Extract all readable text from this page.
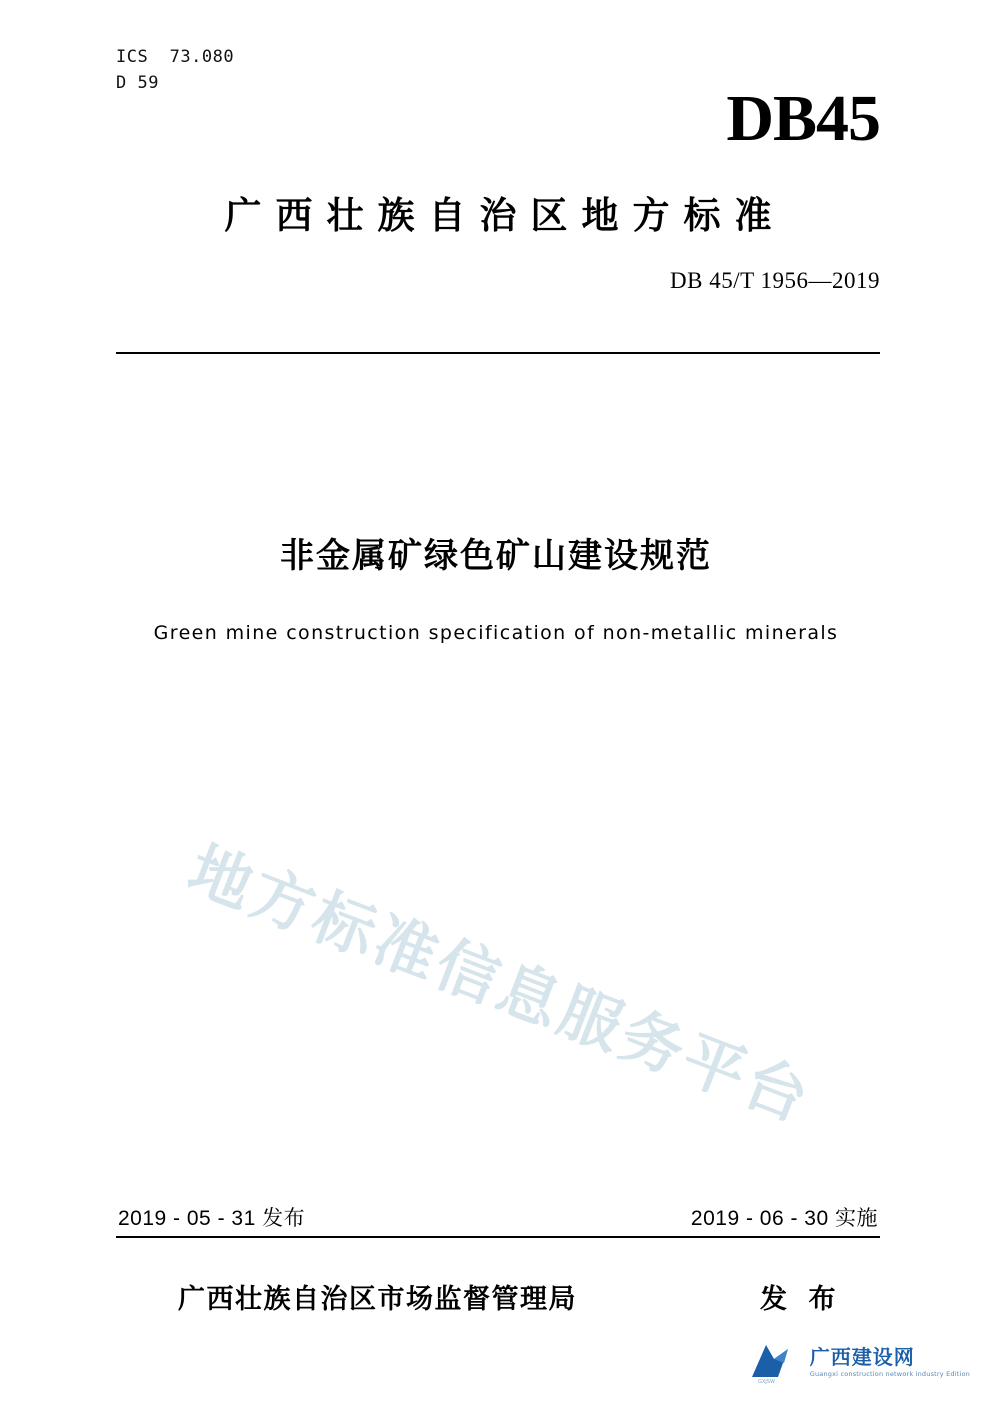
ICS  73.080
D 59	DB45
广西壮族自治区地方标准
DB 45/T 1956—2019
非金属矿绿色矿山建设规范
Green mine construction specification of non-metallic minerals
地方标准信息服务平台
2019 - 05 - 31 发布	2019 - 06 - 30 实施
广西壮族自治区市场监督管理局	发 布
GXJSW
广西建设网
Guangxi construction network industry Edition
